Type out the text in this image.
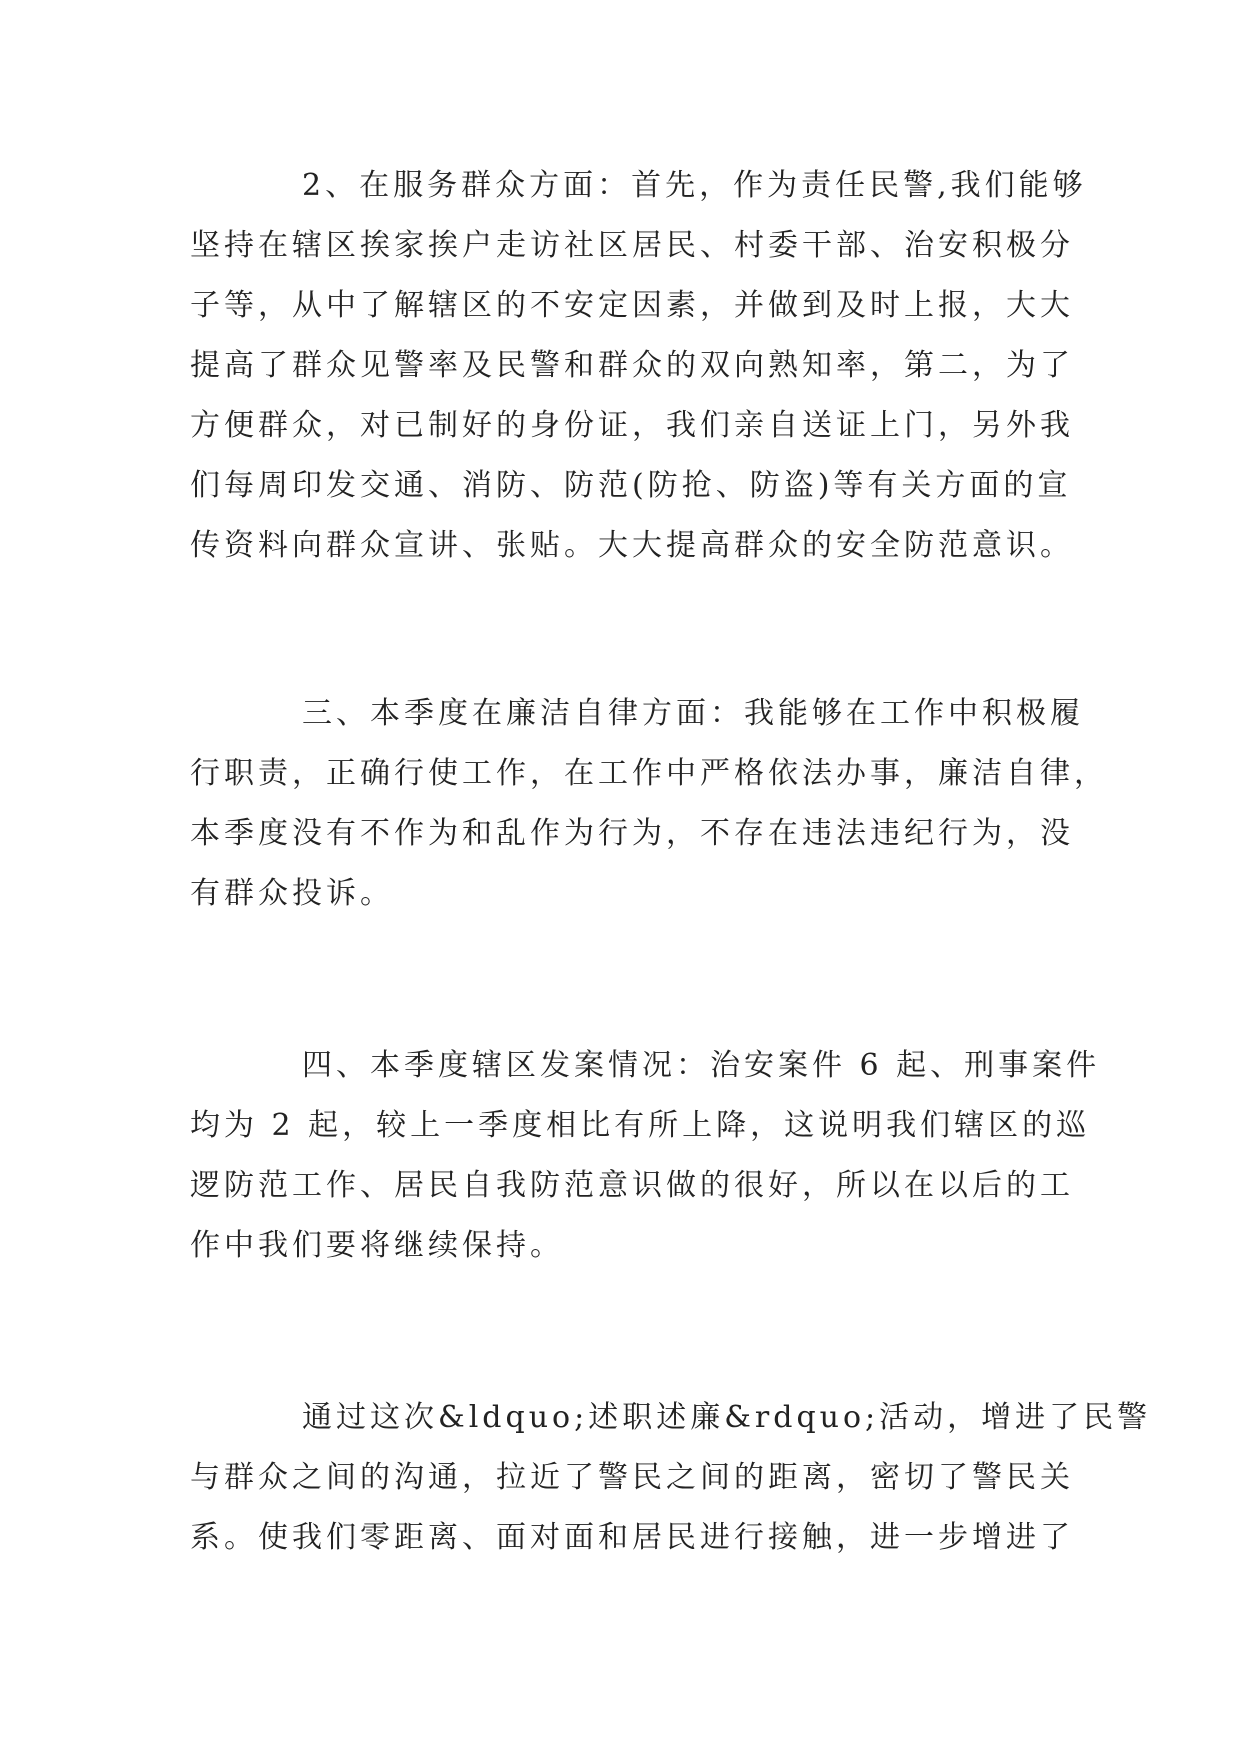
2、在服务群众方面：首先，作为责任民警,我们能够
坚持在辖区挨家挨户走访社区居民、村委干部、治安积极分
子等，从中了解辖区的不安定因素，并做到及时上报，大大
提高了群众见警率及民警和群众的双向熟知率，第二，为了
方便群众，对已制好的身份证，我们亲自送证上门，另外我
们每周印发交通、消防、防范(防抢、防盗)等有关方面的宣
传资料向群众宣讲、张贴。大大提高群众的安全防范意识。
三、本季度在廉洁自律方面：我能够在工作中积极履
行职责，正确行使工作，在工作中严格依法办事，廉洁自律，
本季度没有不作为和乱作为行为，不存在违法违纪行为，没
有群众投诉。
四、本季度辖区发案情况：治安案件 6 起、刑事案件
均为 2 起，较上一季度相比有所上降，这说明我们辖区的巡
逻防范工作、居民自我防范意识做的很好，所以在以后的工
作中我们要将继续保持。
通过这次&ldquo;述职述廉&rdquo;活动，增进了民警
与群众之间的沟通，拉近了警民之间的距离，密切了警民关
系。使我们零距离、面对面和居民进行接触，进一步增进了
